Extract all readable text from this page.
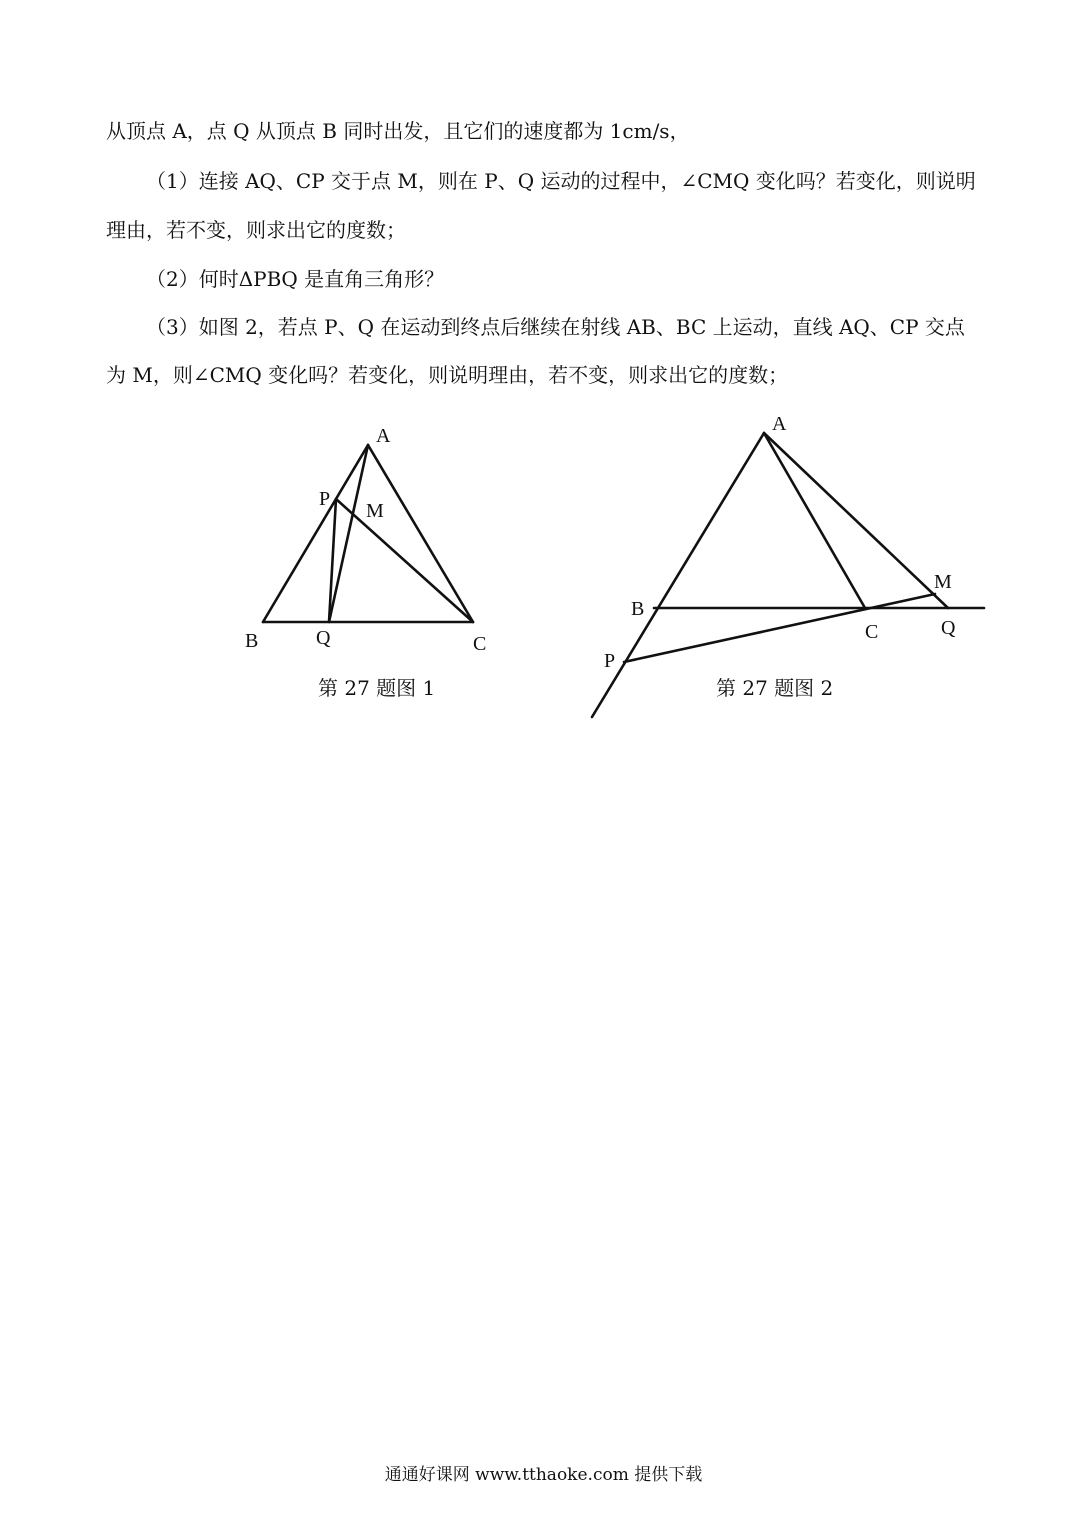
从顶点 A，点 Q 从顶点 B 同时出发，且它们的速度都为 1cm/s，
（1）连接 AQ、CP 交于点 M，则在 P、Q 运动的过程中，∠CMQ 变化吗？若变化，则说明
理由，若不变，则求出它的度数；
（2）何时ΔPBQ 是直角三角形？
（3）如图 2，若点 P、Q 在运动到终点后继续在射线 AB、BC 上运动，直线 AQ、CP 交点
为 M，则∠CMQ 变化吗？若变化，则说明理由，若不变，则求出它的度数；
A
P
M
B	Q	C
第 27 题图 1
A
M
B
C	Q
P
第 27 题图 2
通通好课网 www.tthaoke.com 提供下载
